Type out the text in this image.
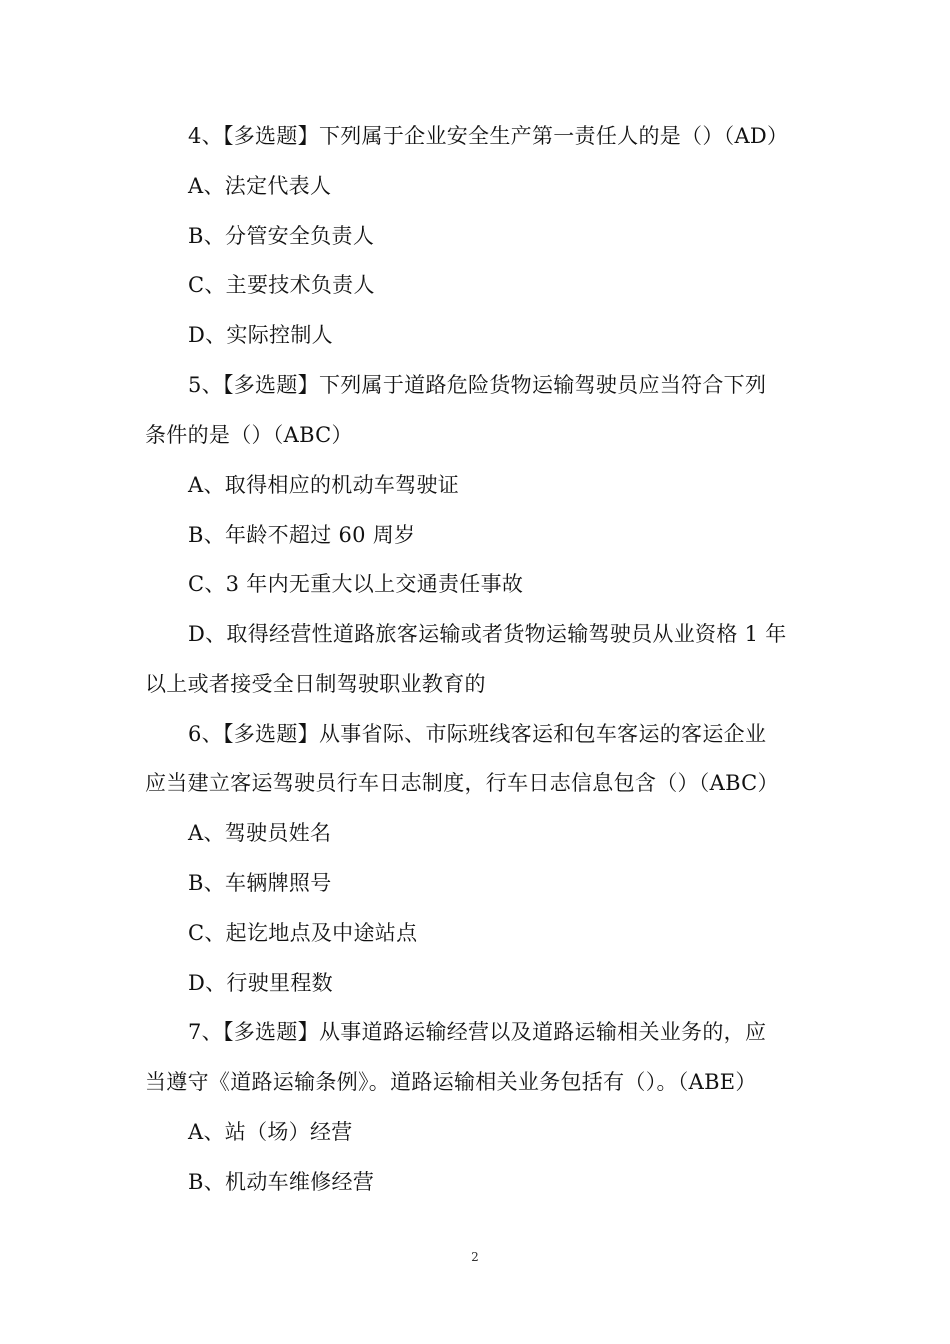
4、【多选题】下列属于企业安全生产第一责任人的是（）（AD）
A、法定代表人
B、分管安全负责人
C、主要技术负责人
D、实际控制人
5、【多选题】下列属于道路危险货物运输驾驶员应当符合下列
条件的是（）（ABC）
A、取得相应的机动车驾驶证
B、年龄不超过 60 周岁
C、3 年内无重大以上交通责任事故
D、取得经营性道路旅客运输或者货物运输驾驶员从业资格 1 年
以上或者接受全日制驾驶职业教育的
6、【多选题】从事省际、市际班线客运和包车客运的客运企业
应当建立客运驾驶员行车日志制度，行车日志信息包含（）（ABC）
A、驾驶员姓名
B、车辆牌照号
C、起讫地点及中途站点
D、行驶里程数
7、【多选题】从事道路运输经营以及道路运输相关业务的，应
当遵守《道路运输条例》。道路运输相关业务包括有（）。（ABE）
A、站（场）经营
B、机动车维修经营
2
